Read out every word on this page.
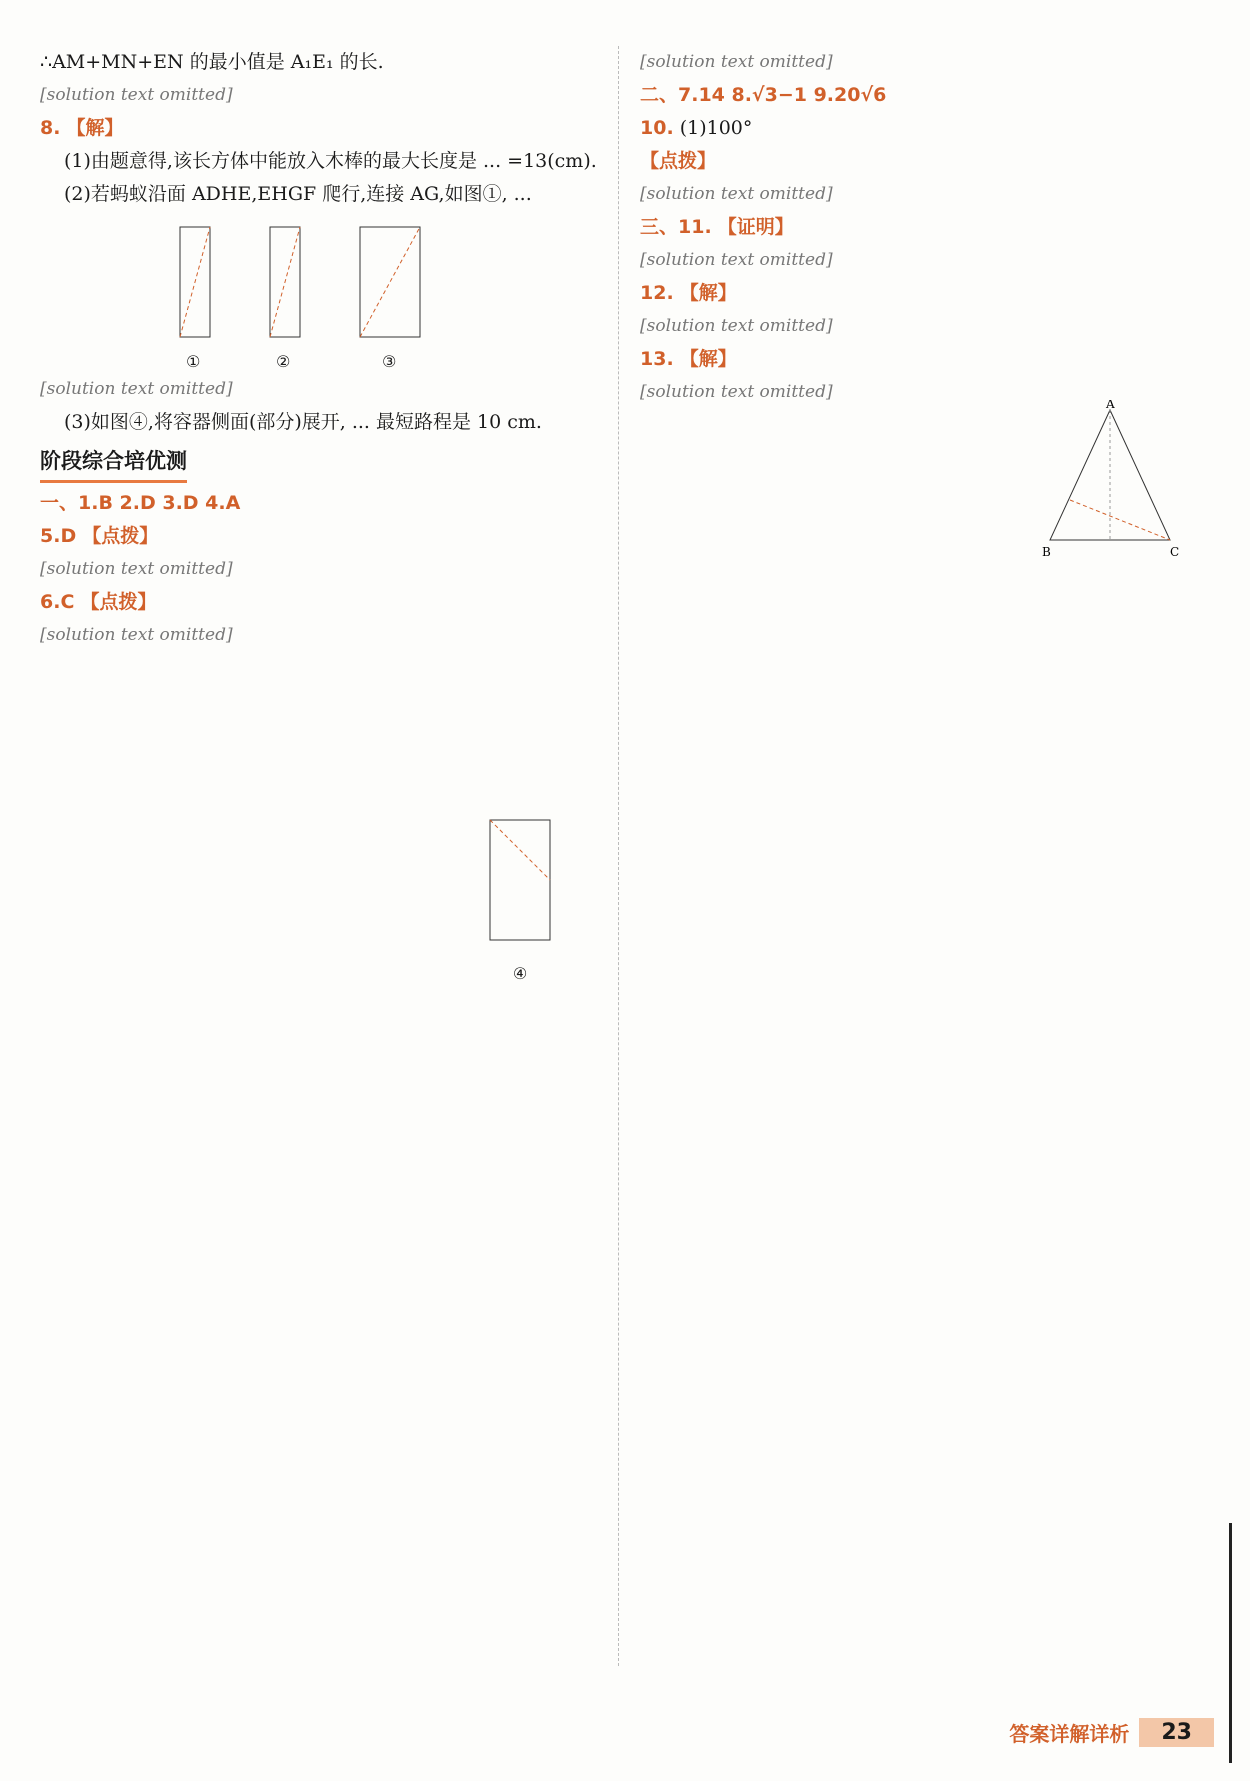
∴AM+MN+EN 的最小值是 A₁E₁ 的长.
[solution text omitted]
8. 【解】
(1)由题意得,该长方体中能放入木棒的最大长度是 ... =13(cm).
(2)若蚂蚁沿面 ADHE,EHGF 爬行,连接 AG,如图①, ...
①	②	③
[solution text omitted]
(3)如图④,将容器侧面(部分)展开, ... 最短路程是 10 cm.
阶段综合培优测
一、1.B 2.D 3.D 4.A
5.D 【点拨】
[solution text omitted]
6.C 【点拨】
[solution text omitted]
④
[solution text omitted]
二、7.14 8.√3−1 9.20√6
10. (1)100°
【点拨】
[solution text omitted]
三、11. 【证明】
[solution text omitted]
12. 【解】
[solution text omitted]
13. 【解】
[solution text omitted]
A
B	C
答案详解详析	23
